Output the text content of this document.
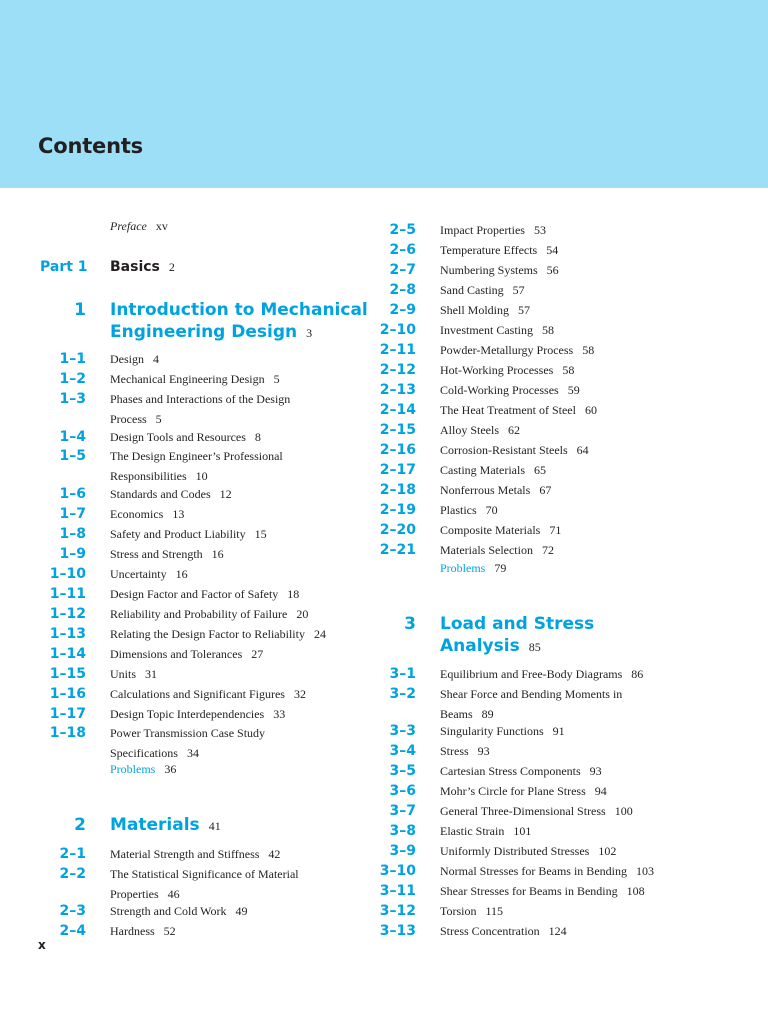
Contents
Preface xv
Part 1 Basics 2
1 Introduction to Mechanical
Engineering Design 3
1–1 Design 4
1–2 Mechanical Engineering Design 5
1–3 Phases and Interactions of the Design
Process 5
1–4 Design Tools and Resources 8
1–5 The Design Engineer’s Professional
Responsibilities 10
1–6 Standards and Codes 12
1–7 Economics 13
1–8 Safety and Product Liability 15
1–9 Stress and Strength 16
1–10 Uncertainty 16
1–11 Design Factor and Factor of Safety 18
1–12 Reliability and Probability of Failure 20
1–13 Relating the Design Factor to Reliability 24
1–14 Dimensions and Tolerances 27
1–15 Units 31
1–16 Calculations and Significant Figures 32
1–17 Design Topic Interdependencies 33
1–18 Power Transmission Case Study
Specifications 34
Problems 36
2 Materials 41
2–1 Material Strength and Stiffness 42
2–2 The Statistical Significance of Material
Properties 46
2–3 Strength and Cold Work 49
2–4 Hardness 52
2–5 Impact Properties 53
2–6 Temperature Effects 54
2–7 Numbering Systems 56
2–8 Sand Casting 57
2–9 Shell Molding 57
2–10 Investment Casting 58
2–11 Powder-Metallurgy Process 58
2–12 Hot-Working Processes 58
2–13 Cold-Working Processes 59
2–14 The Heat Treatment of Steel 60
2–15 Alloy Steels 62
2–16 Corrosion-Resistant Steels 64
2–17 Casting Materials 65
2–18 Nonferrous Metals 67
2–19 Plastics 70
2–20 Composite Materials 71
2–21 Materials Selection 72
Problems 79
3 Load and Stress
Analysis 85
3–1 Equilibrium and Free-Body Diagrams 86
3–2 Shear Force and Bending Moments in
Beams 89
3–3 Singularity Functions 91
3–4 Stress 93
3–5 Cartesian Stress Components 93
3–6 Mohr’s Circle for Plane Stress 94
3–7 General Three-Dimensional Stress 100
3–8 Elastic Strain 101
3–9 Uniformly Distributed Stresses 102
3–10 Normal Stresses for Beams in Bending 103
3–11 Shear Stresses for Beams in Bending 108
3–12 Torsion 115
3–13 Stress Concentration 124
x
